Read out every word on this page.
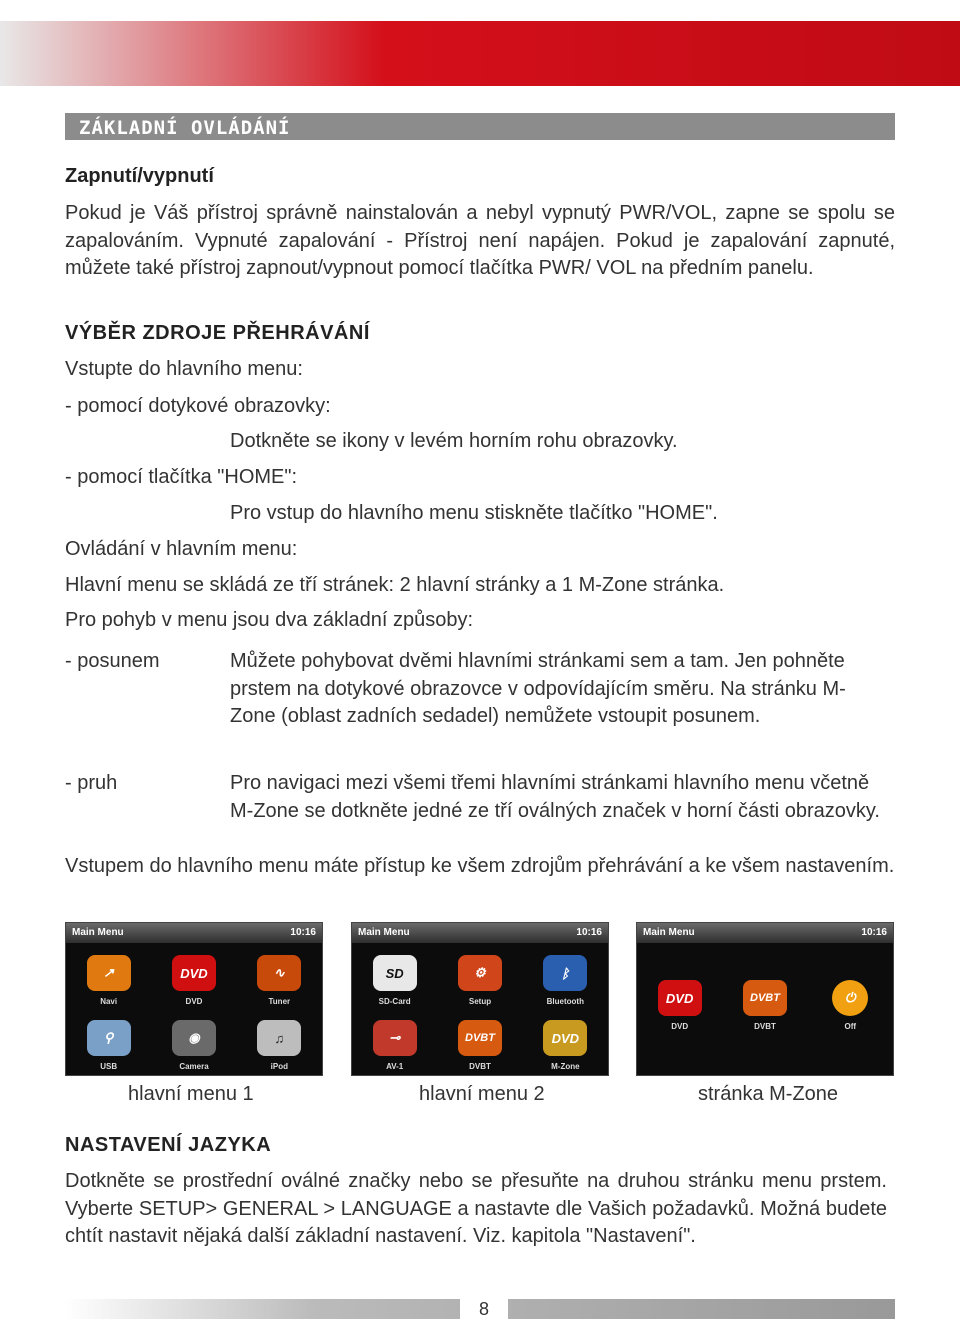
ZÁKLADNÍ OVLÁDÁNÍ
Zapnutí/vypnutí
Pokud je Váš přístroj správně nainstalován a nebyl vypnutý PWR/VOL, zapne se spolu se zapalováním. Vypnuté zapalování - Přístroj není napájen. Pokud je zapalování zapnuté, můžete také přístroj zapnout/vypnout pomocí tlačítka PWR/ VOL na předním panelu.
VÝBĚR ZDROJE PŘEHRÁVÁNÍ
Vstupte do hlavního menu:
- pomocí dotykové obrazovky:
Dotkněte se ikony v levém horním rohu obrazovky.
- pomocí tlačítka "HOME":
Pro vstup do hlavního menu stiskněte tlačítko "HOME".
Ovládání v hlavním menu:
Hlavní menu se skládá ze tří stránek: 2 hlavní stránky a 1 M-Zone stránka.
Pro pohyb v menu jsou dva základní způsoby:
- posunem	Můžete pohybovat dvěmi hlavními stránkami sem a tam. Jen pohněte prstem na dotykové obrazovce v odpovídajícím směru. Na stránku M-Zone (oblast zadních sedadel) nemůžete vstoupit posunem.
- pruh	Pro navigaci mezi všemi třemi hlavními stránkami hlavního menu včetně M-Zone se dotkněte jedné ze tří oválných značek v horní části obrazovky.
Vstupem do hlavního menu máte přístup ke všem zdrojům přehrávání a ke všem nastavením.
Main Menu	10:16
↗
Navi
DVD
DVD
∿
Tuner
⚲
USB
◉
Camera
♫
iPod
Main Menu	10:16
SD
SD-Card
⚙
Setup
ᛒ
Bluetooth
⊸
AV-1
DVBT
DVBT
DVD
M-Zone
Main Menu	10:16
DVD
DVD
DVBT
DVBT
⏻
Off
hlavní menu 1	hlavní menu 2	stránka M-Zone
NASTAVENÍ JAZYKA
Dotkněte se prostřední oválné značky nebo se přesuňte na druhou stránku menu prstem. Vyberte SETUP> GENERAL > LANGUAGE a nastavte dle Vašich požadavků. Možná budete chtít nastavit nějaká další základní nastavení. Viz. kapitola "Nastavení".
8
